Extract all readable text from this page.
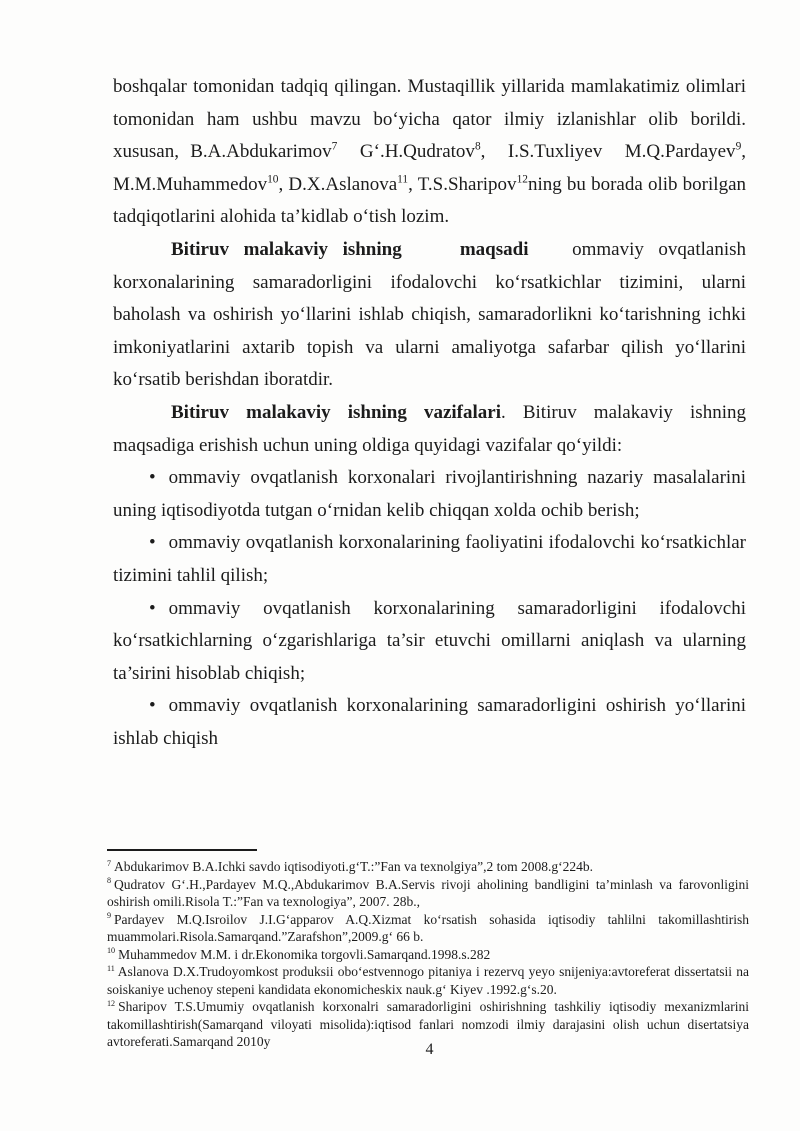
boshqalar tomonidan tadqiq qilingan. Mustaqillik yillarida mamlakatimiz olimlari tomonidan ham ushbu mavzu bo‘yicha qator ilmiy izlanishlar olib borildi. xususan, B.A.Abdukarimov$^7$  G‘.H.Qudratov$^8$,  I.S.Tuxliyev  M.Q.Pardayev$^9$, M.M.Muhammedov$^{10}$, D.X.Aslanova$^{11}$, T.S.Sharipov$^{12}$ning bu borada olib borilgan tadqiqotlarini alohida ta’kidlab o‘tish lozim.

Bitiruv malakaviy ishning	maqsadi   ommaviy ovqatlanish korxonalarining samaradorligini ifodalovchi ko‘rsatkichlar tizimini, ularni baholash va oshirish yo‘llarini ishlab chiqish, samaradorlikni ko‘tarishning ichki imkoniyatlarini axtarib topish va ularni amaliyotga safarbar qilish yo‘llarini ko‘rsatib berishdan iboratdir.

Bitiruv malakaviy ishning vazifalari. Bitiruv malakaviy ishning maqsadiga erishish uchun uning oldiga quyidagi vazifalar qo‘yildi:

• ommaviy ovqatlanish korxonalari rivojlantirishning nazariy masalalarini uning iqtisodiyotda tutgan o‘rnidan kelib chiqqan xolda ochib berish;

• ommaviy ovqatlanish korxonalarining faoliyatini ifodalovchi ko‘rsatkichlar tizimini tahlil qilish;

• ommaviy ovqatlanish korxonalarining samaradorligini ifodalovchi ko‘rsatkichlarning o‘zgarishlariga ta’sir etuvchi omillarni aniqlash va ularning ta’sirini hisoblab chiqish;

• ommaviy ovqatlanish korxonalarining samaradorligini oshirish yo‘llarini ishlab chiqish

$^7$ Abdukarimov B.A.Ichki savdo iqtisodiyoti.g‘T.:”Fan va texnolgiya”,2 tom 2008.g‘224b.

$^8$ Qudratov G‘.H.,Pardayev M.Q.,Abdukarimov B.A.Servis rivoji aholining bandligini ta’minlash va farovonligini oshirish omili.Risola T.:”Fan va texnologiya”, 2007. 28b.,

$^9$ Pardayev M.Q.Isroilov J.I.G‘apparov A.Q.Xizmat ko‘rsatish sohasida iqtisodiy tahlilni takomillashtirish muammolari.Risola.Samarqand.”Zarafshon”,2009.g‘ 66 b.

$^{10}$ Muhammedov M.M. i dr.Ekonomika torgovli.Samarqand.1998.s.282

$^{11}$ Aslanova D.X.Trudoyomkost produksii obo‘estvennogo pitaniya i rezervq yeyo snijeniya:avtoreferat dissertatsii na soiskaniye uchenoy stepeni kandidata ekonomicheskix nauk.g‘ Kiyev .1992.g‘s.20.

$^{12}$ Sharipov T.S.Umumiy ovqatlanish korxonalri samaradorligini oshirishning tashkiliy iqtisodiy mexanizmlarini takomillashtirish(Samarqand viloyati misolida):iqtisod fanlari nomzodi ilmiy darajasini olish uchun disertatsiya avtoreferati.Samarqand 2010y	4
